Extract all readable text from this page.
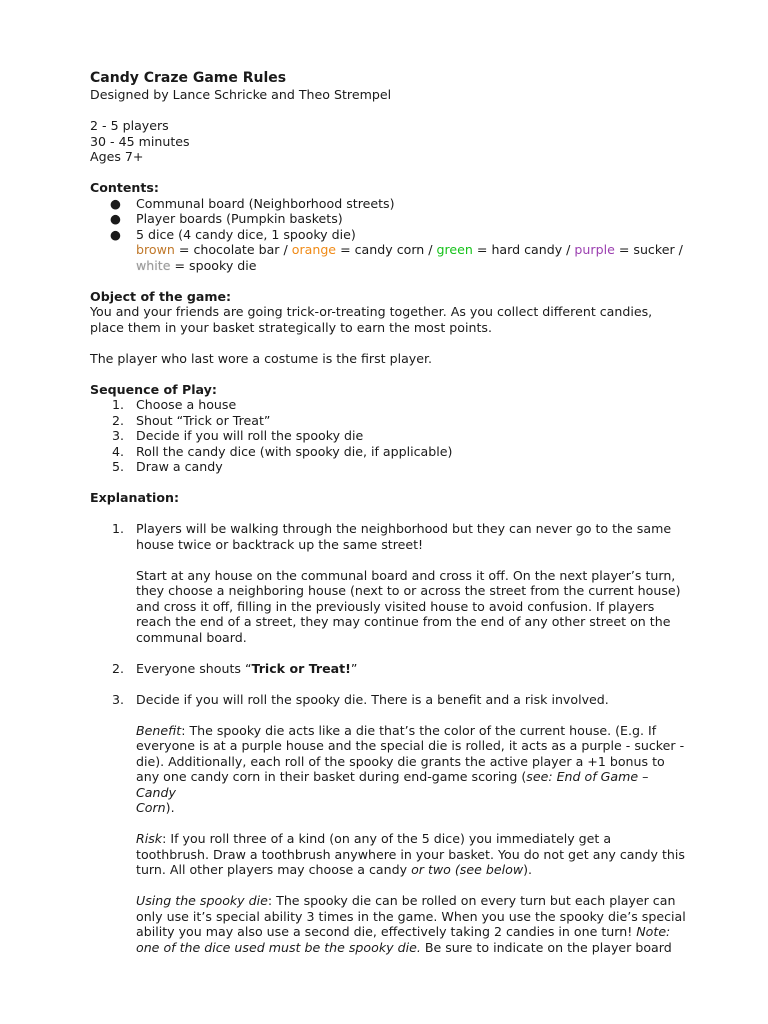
Candy Craze Game Rules

Designed by Lance Schricke and Theo Strempel

2 - 5 players

30 - 45 minutes

Ages 7+

Contents:

● Communal board (Neighborhood streets)
● Player boards (Pumpkin baskets)
● 5 dice (4 candy dice, 1 spooky die)

brown = chocolate bar / orange = candy corn / green = hard candy / purple = sucker /

white = spooky die

Object of the game:

You and your friends are going trick-or-treating together. As you collect different candies,

place them in your basket strategically to earn the most points.

The player who last wore a costume is the first player.

Sequence of Play:

1. Choose a house
2. Shout “Trick or Treat”
3. Decide if you will roll the spooky die
4. Roll the candy dice (with spooky die, if applicable)
5. Draw a candy

Explanation:

1. Players will be walking through the neighborhood but they can never go to the same

house twice or backtrack up the same street!

Start at any house on the communal board and cross it off. On the next player’s turn,

they choose a neighboring house (next to or across the street from the current house)

and cross it off, filling in the previously visited house to avoid confusion. If players

reach the end of a street, they may continue from the end of any other street on the

communal board.

2. Everyone shouts “Trick or Treat!”

3. Decide if you will roll the spooky die. There is a benefit and a risk involved.

Benefit: The spooky die acts like a die that’s the color of the current house. (E.g. If

everyone is at a purple house and the special die is rolled, it acts as a purple - sucker -

die). Additionally, each roll of the spooky die grants the active player a +1 bonus to

any one candy corn in their basket during end-game scoring (see: End of Game – Candy

Corn).

Risk: If you roll three of a kind (on any of the 5 dice) you immediately get a

toothbrush. Draw a toothbrush anywhere in your basket. You do not get any candy this

turn. All other players may choose a candy or two (see below).

Using the spooky die: The spooky die can be rolled on every turn but each player can

only use it’s special ability 3 times in the game. When you use the spooky die’s special

ability you may also use a second die, effectively taking 2 candies in one turn! Note:

one of the dice used must be the spooky die. Be sure to indicate on the player board
